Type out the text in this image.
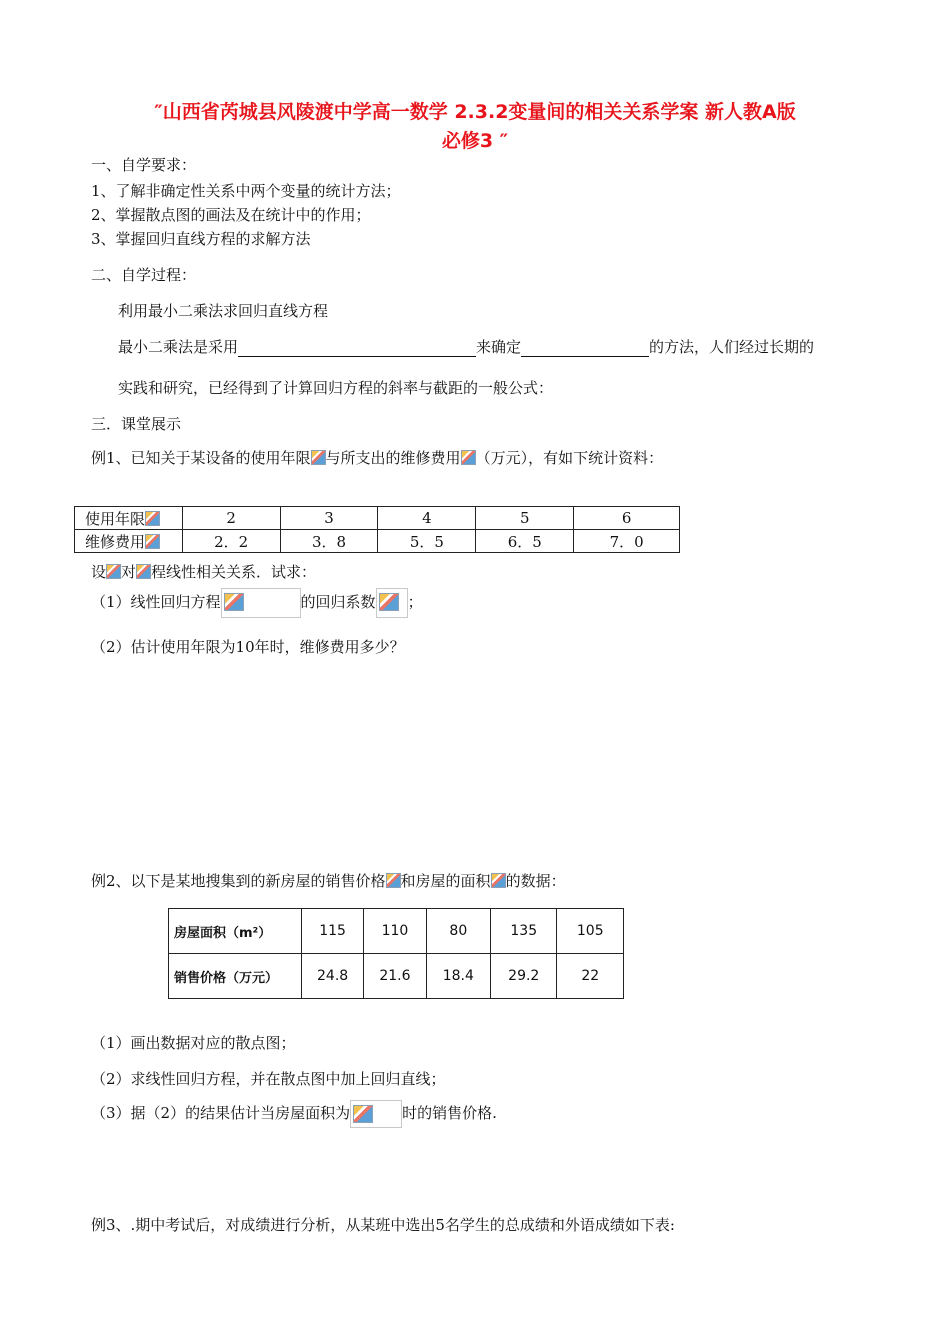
″山西省芮城县风陵渡中学高一数学 2.3.2变量间的相关关系学案 新人教A版
必修3 ″
一、自学要求：
1、了解非确定性关系中两个变量的统计方法；
2、掌握散点图的画法及在统计中的作用；
3、掌握回归直线方程的求解方法
二、自学过程：
利用最小二乘法求回归直线方程
最小二乘法是采用	来确定	的方法，人们经过长期的
实践和研究，已经得到了计算回归方程的斜率与截距的一般公式：
三．课堂展示
例1、已知关于某设备的使用年限 与所支出的维修费用 （万元），有如下统计资料：
使用年限	2	3	4	5	6
维修费用	2．2	3．8	5．5	6．5	7．0
设 对 程线性相关关系．试求：
（1）线性回归方程	的回归系数 ；
（2）估计使用年限为10年时，维修费用多少？
例2、以下是某地搜集到的新房屋的销售价格 和房屋的面积 的数据：
房屋面积（m²）	115	110	80	135	105
销售价格（万元）	24.8	21.6	18.4	29.2	22
（1）画出数据对应的散点图；
（2）求线性回归方程，并在散点图中加上回归直线；
（3）据（2）的结果估计当房屋面积为	时的销售价格.
例3、.期中考试后，对成绩进行分析，从某班中选出5名学生的总成绩和外语成绩如下表:
